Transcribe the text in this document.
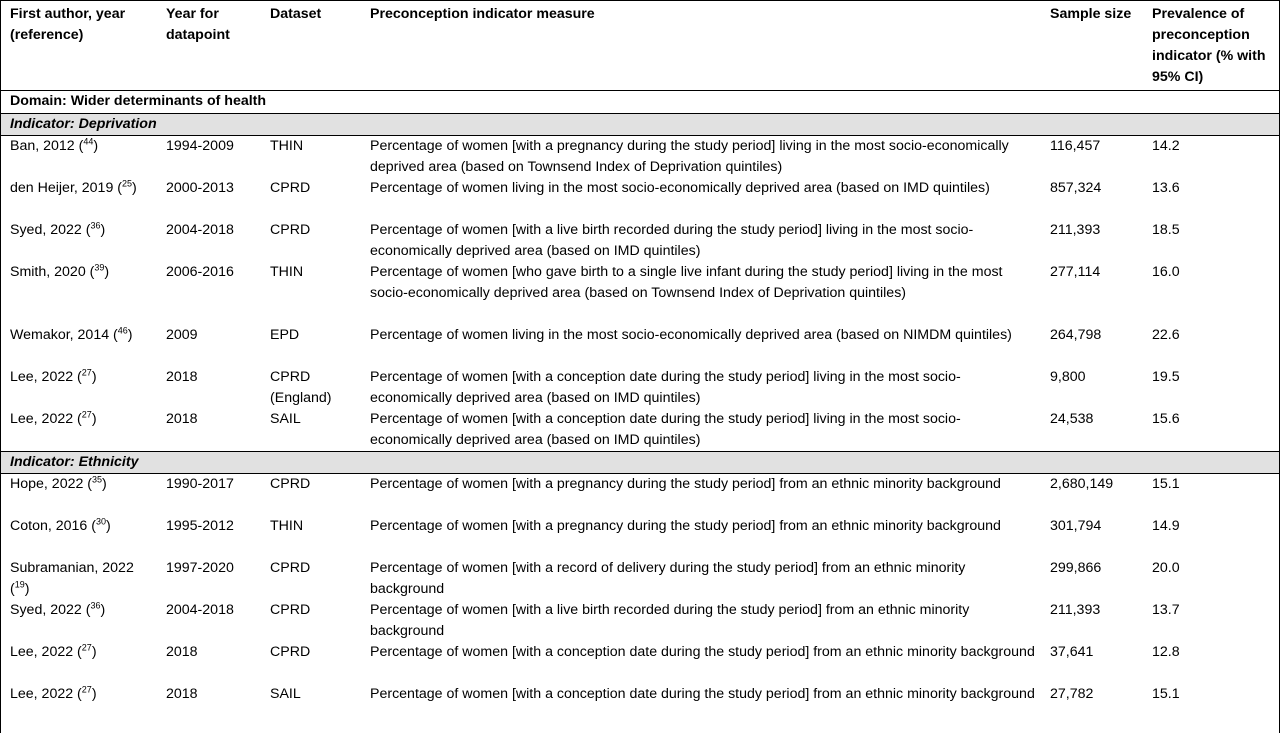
First author, year (reference)	Year for datapoint	Dataset	Preconception indicator measure	Sample size	Prevalence of preconception indicator (% with 95% CI)
Domain: Wider determinants of health					
Indicator: Deprivation					
Ban, 2012 ($^{44}$)	1994-2009	THIN	Percentage of women [with a pregnancy during the study period] living in the most socio-economically deprived area (based on Townsend Index of Deprivation quintiles)	116,457	14.2
den Heijer, 2019 ($^{25}$)	2000-2013	CPRD	Percentage of women living in the most socio-economically deprived area (based on IMD quintiles)	857,324	13.6
Syed, 2022 ($^{36}$)	2004-2018	CPRD	Percentage of women [with a live birth recorded during the study period] living in the most socio-economically deprived area (based on IMD quintiles)	211,393	18.5
Smith, 2020 ($^{39}$)	2006-2016	THIN	Percentage of women [who gave birth to a single live infant during the study period] living in the most socio-economically deprived area (based on Townsend Index of Deprivation quintiles)	277,114	16.0
Wemakor, 2014 ($^{46}$)	2009	EPD	Percentage of women living in the most socio-economically deprived area (based on NIMDM quintiles)	264,798	22.6
Lee, 2022 ($^{27}$)	2018	CPRD (England)	Percentage of women [with a conception date during the study period] living in the most socio-economically deprived area (based on IMD quintiles)	9,800	19.5
Lee, 2022 ($^{27}$)	2018	SAIL	Percentage of women [with a conception date during the study period] living in the most socio-economically deprived area (based on IMD quintiles)	24,538	15.6
Indicator: Ethnicity					
Hope, 2022 ($^{35}$)	1990-2017	CPRD	Percentage of women [with a pregnancy during the study period] from an ethnic minority background	2,680,149	15.1
Coton, 2016 ($^{30}$)	1995-2012	THIN	Percentage of women [with a pregnancy during the study period] from an ethnic minority background	301,794	14.9
Subramanian, 2022 ($^{19}$)	1997-2020	CPRD	Percentage of women [with a record of delivery during the study period] from an ethnic minority background	299,866	20.0
Syed, 2022 ($^{36}$)	2004-2018	CPRD	Percentage of women [with a live birth recorded during the study period] from an ethnic minority background	211,393	13.7
Lee, 2022 ($^{27}$)	2018	CPRD	Percentage of women [with a conception date during the study period] from an ethnic minority background	37,641	12.8
Lee, 2022 ($^{27}$)	2018	SAIL	Percentage of women [with a conception date during the study period] from an ethnic minority background	27,782	15.1
